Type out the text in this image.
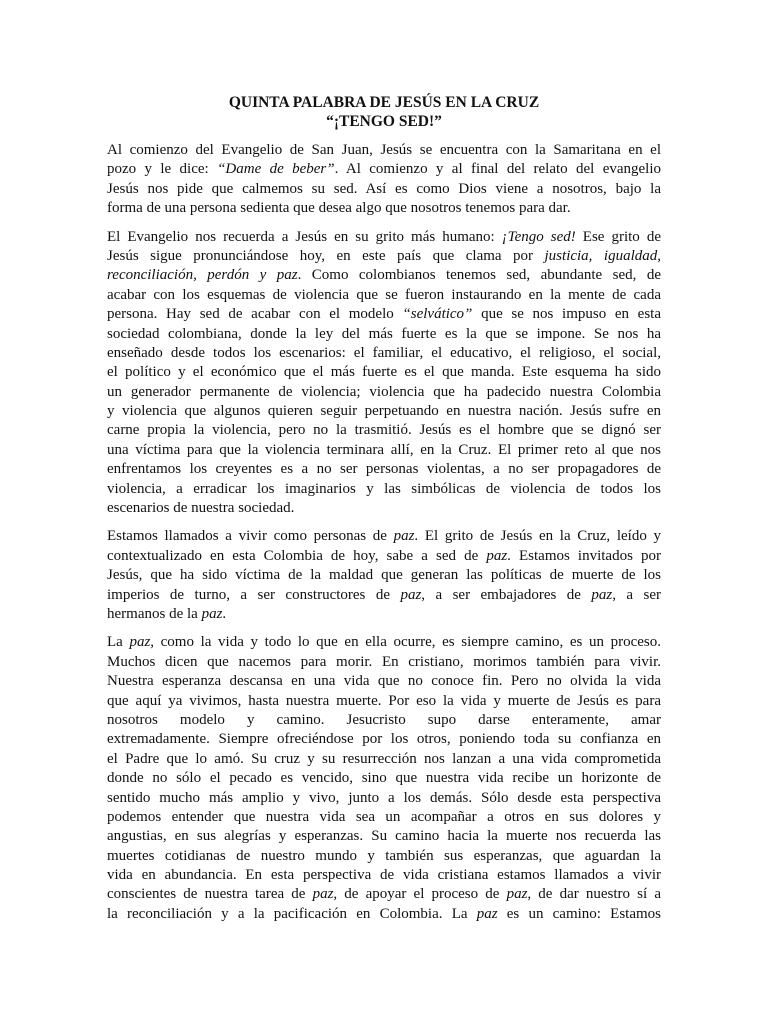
QUINTA PALABRA DE JESÚS EN LA CRUZ
“¡TENGO SED!”
Al comienzo del Evangelio de San Juan, Jesús se encuentra con la Samaritana en el
pozo y le dice: “Dame de beber”. Al comienzo y al final del relato del evangelio
Jesús nos pide que calmemos su sed. Así es como Dios viene a nosotros, bajo la
forma de una persona sedienta que desea algo que nosotros tenemos para dar.
El Evangelio nos recuerda a Jesús en su grito más humano: ¡Tengo sed! Ese grito de
Jesús sigue pronunciándose hoy, en este país que clama por justicia, igualdad,
reconciliación, perdón y paz. Como colombianos tenemos sed, abundante sed, de
acabar con los esquemas de violencia que se fueron instaurando en la mente de cada
persona. Hay sed de acabar con el modelo “selvático” que se nos impuso en esta
sociedad colombiana, donde la ley del más fuerte es la que se impone. Se nos ha
enseñado desde todos los escenarios: el familiar, el educativo, el religioso, el social,
el político y el económico que el más fuerte es el que manda. Este esquema ha sido
un generador permanente de violencia; violencia que ha padecido nuestra Colombia
y violencia que algunos quieren seguir perpetuando en nuestra nación. Jesús sufre en
carne propia la violencia, pero no la trasmitió. Jesús es el hombre que se dignó ser
una víctima para que la violencia terminara allí, en la Cruz. El primer reto al que nos
enfrentamos los creyentes es a no ser personas violentas, a no ser propagadores de
violencia, a erradicar los imaginarios y las simbólicas de violencia de todos los
escenarios de nuestra sociedad.
Estamos llamados a vivir como personas de paz. El grito de Jesús en la Cruz, leído y
contextualizado en esta Colombia de hoy, sabe a sed de paz. Estamos invitados por
Jesús, que ha sido víctima de la maldad que generan las políticas de muerte de los
imperios de turno, a ser constructores de paz, a ser embajadores de paz, a ser
hermanos de la paz.
La paz, como la vida y todo lo que en ella ocurre, es siempre camino, es un proceso.
Muchos dicen que nacemos para morir. En cristiano, morimos también para vivir.
Nuestra esperanza descansa en una vida que no conoce fin. Pero no olvida la vida
que aquí ya vivimos, hasta nuestra muerte. Por eso la vida y muerte de Jesús es para
nosotros modelo y camino. Jesucristo supo darse enteramente, amar
extremadamente. Siempre ofreciéndose por los otros, poniendo toda su confianza en
el Padre que lo amó. Su cruz y su resurrección nos lanzan a una vida comprometida
donde no sólo el pecado es vencido, sino que nuestra vida recibe un horizonte de
sentido mucho más amplio y vivo, junto a los demás. Sólo desde esta perspectiva
podemos entender que nuestra vida sea un acompañar a otros en sus dolores y
angustias, en sus alegrías y esperanzas. Su camino hacia la muerte nos recuerda las
muertes cotidianas de nuestro mundo y también sus esperanzas, que aguardan la
vida en abundancia. En esta perspectiva de vida cristiana estamos llamados a vivir
conscientes de nuestra tarea de paz, de apoyar el proceso de paz, de dar nuestro sí a
la reconciliación y a la pacificación en Colombia. La paz es un camino: Estamos
